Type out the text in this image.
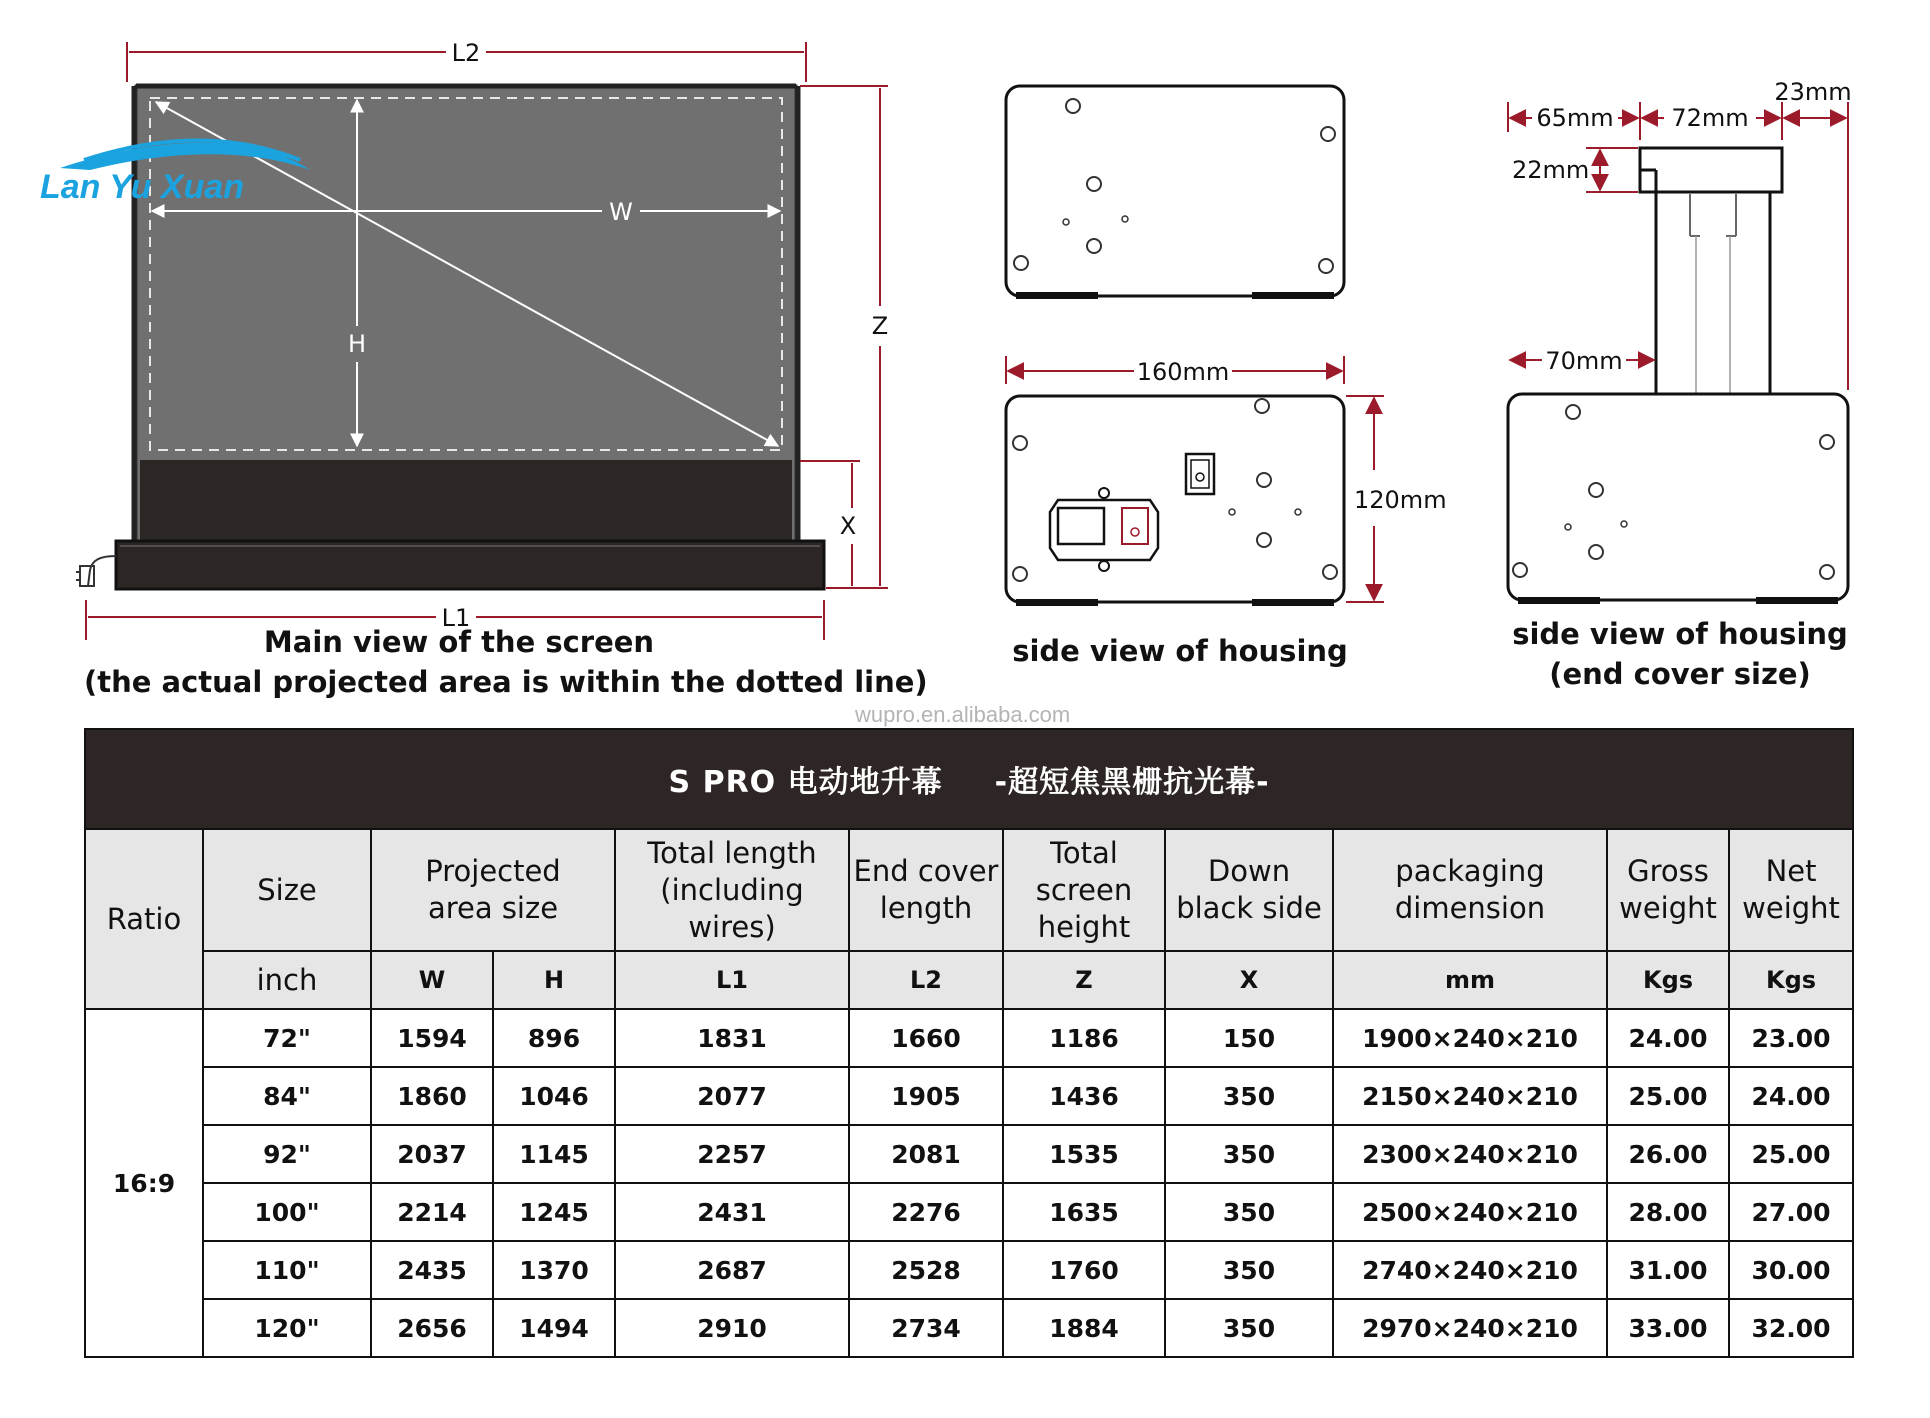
W
H
L2
L1
Z
X
Lan Yu Xuan
160mm
120mm
65mm 72mm
23mm
22mm
70mm
Main view of the screen
(the actual projected area is within the dotted line)
side view of housing	side view of housing
(end cover size)
wupro.en.alibaba.com
S PRO 电动地升幕 -超短焦黑栅抗光幕-										
Ratio	Size	Projected area size		Total length (including wires)	End cover length	Total screen height	Down black side	packaging dimension	Gross weight	Net weight
	inch	W	H	L1	L2	Z	X	mm	Kgs	Kgs
16:9	72"	1594	896	1831	1660	1186	150	1900×240×210	24.00	23.00
	84"	1860	1046	2077	1905	1436	350	2150×240×210	25.00	24.00
	92"	2037	1145	2257	2081	1535	350	2300×240×210	26.00	25.00
	100"	2214	1245	2431	2276	1635	350	2500×240×210	28.00	27.00
	110"	2435	1370	2687	2528	1760	350	2740×240×210	31.00	30.00
	120"	2656	1494	2910	2734	1884	350	2970×240×210	33.00	32.00
